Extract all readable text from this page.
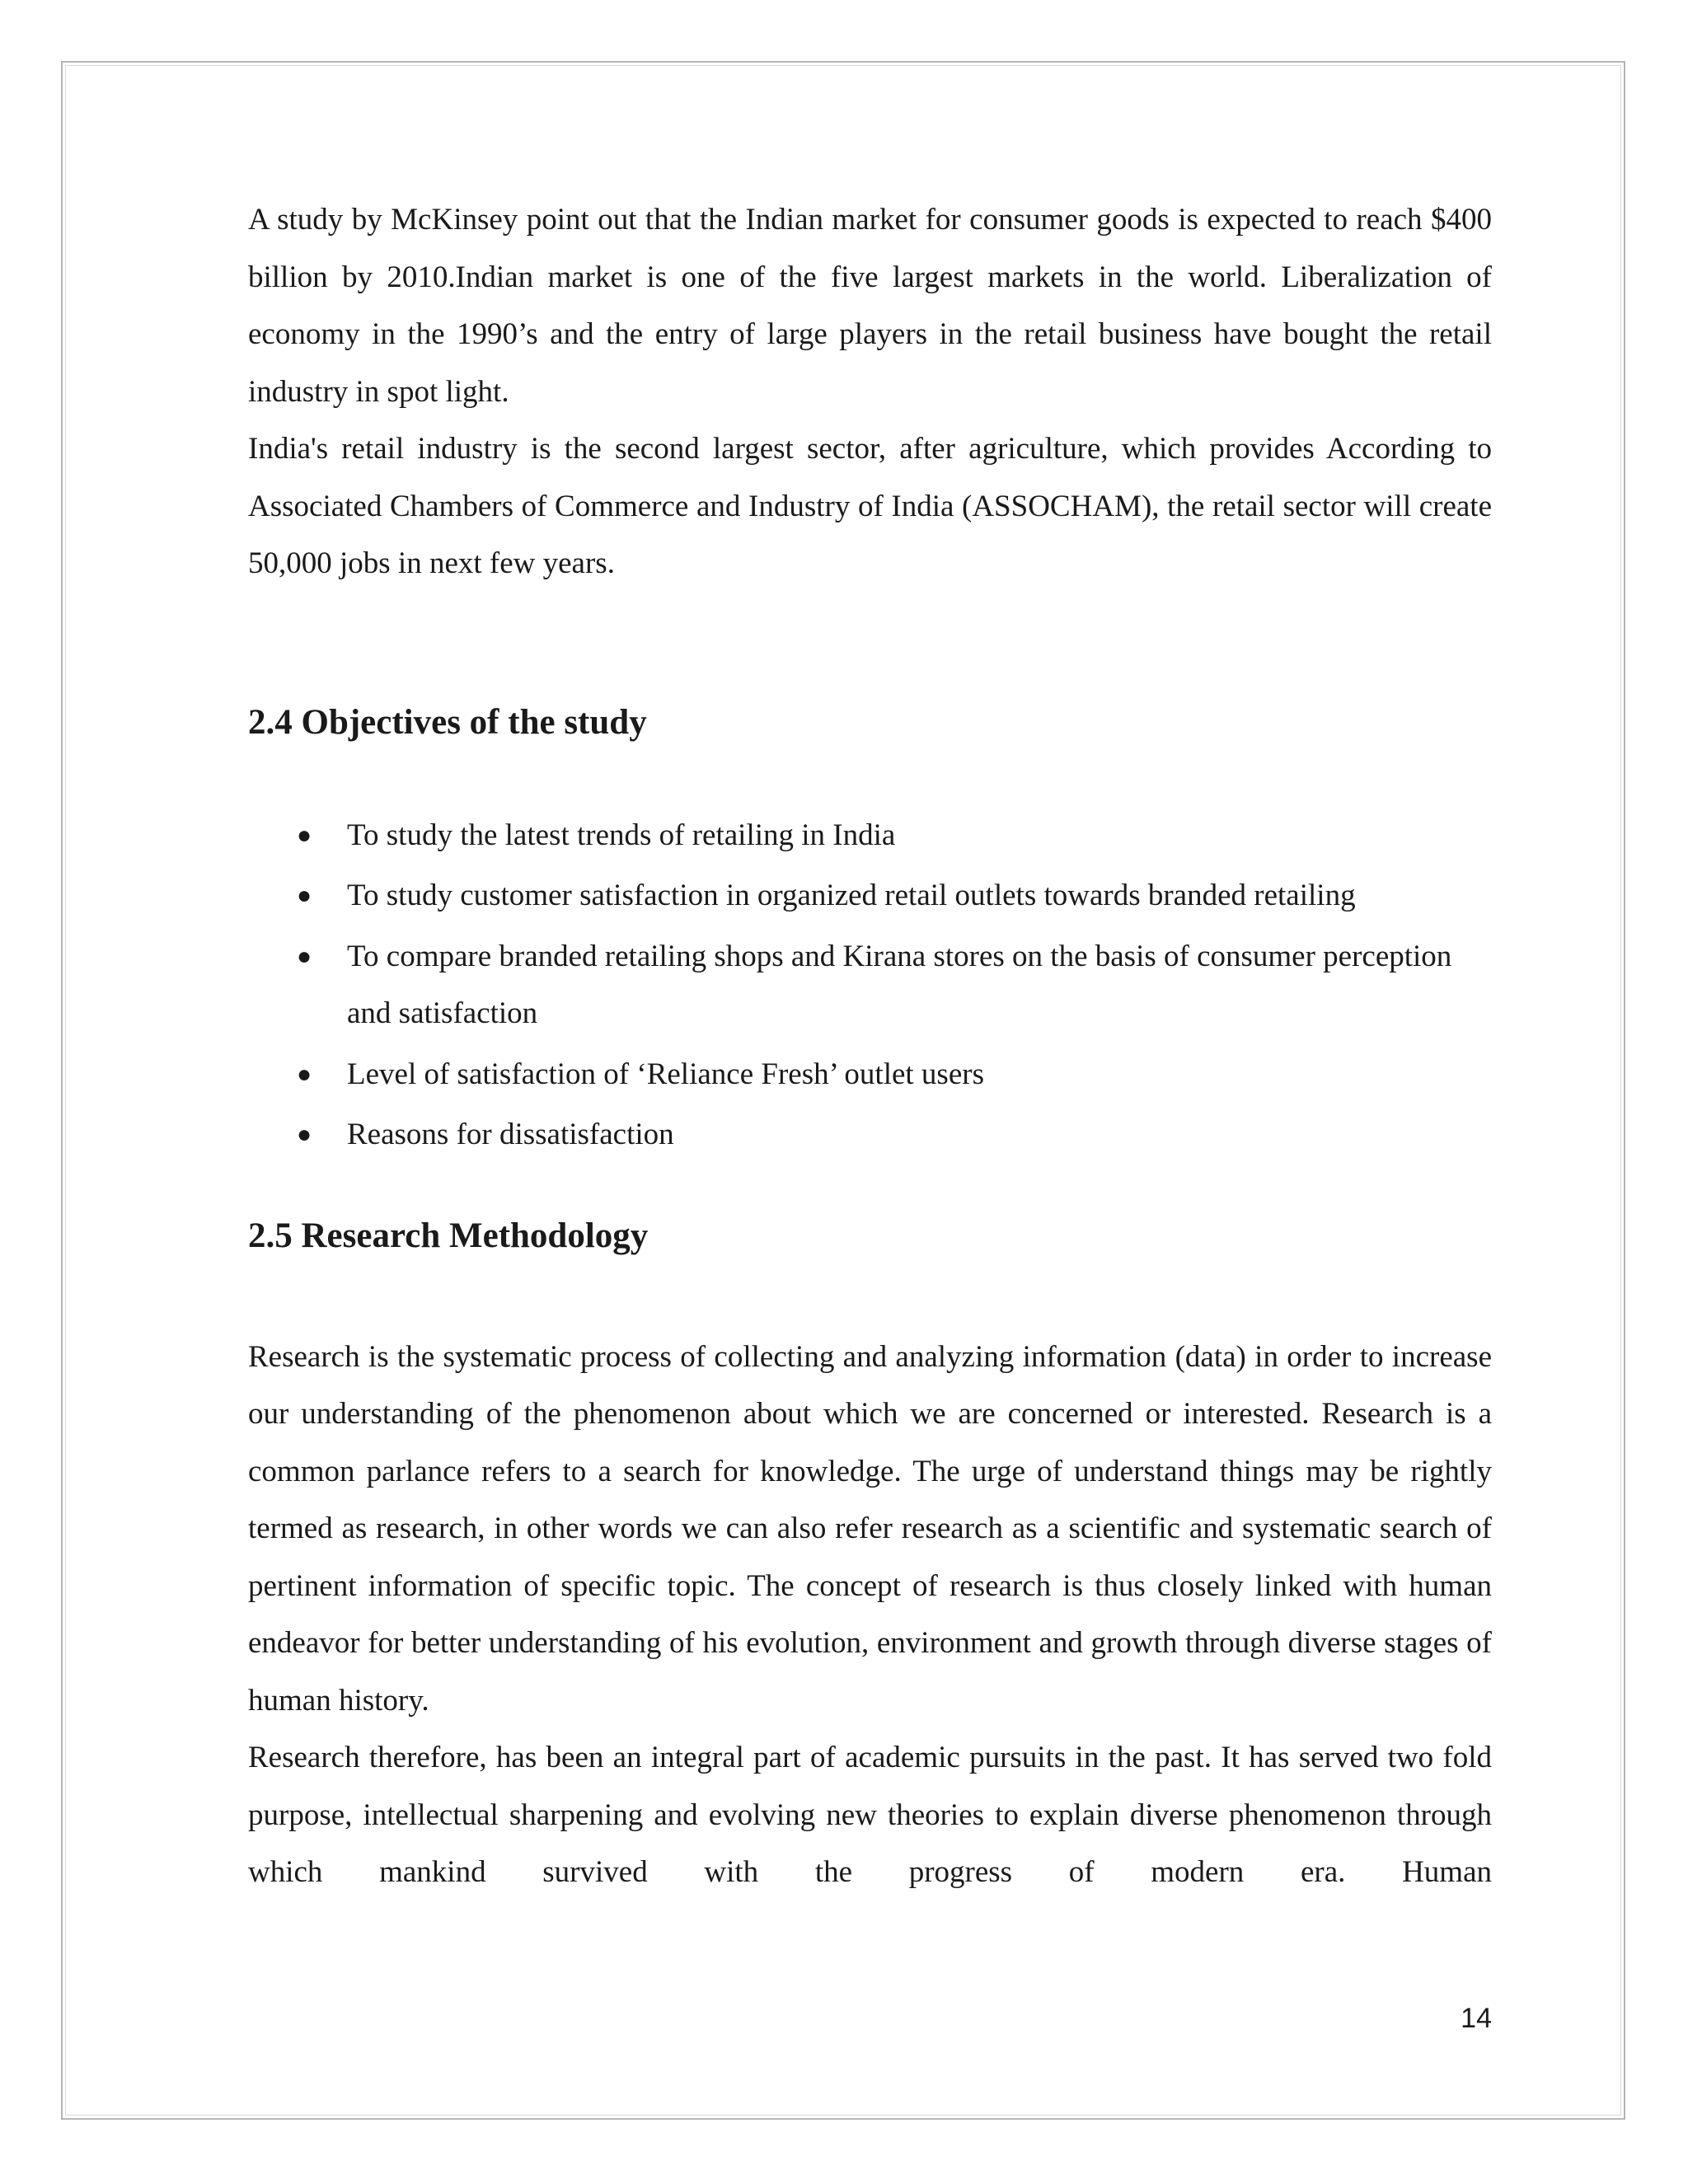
A study by McKinsey point out that the Indian market for consumer goods is expected to reach $400 billion by 2010.Indian market is one of the five largest markets in the world. Liberalization of economy in the 1990’s and the entry of large players in the retail business have bought the retail industry in spot light.

India's retail industry is the second largest sector, after agriculture, which provides According to Associated Chambers of Commerce and Industry of India (ASSOCHAM), the retail sector will create 50,000 jobs in next few years.

2.4 Objectives of the study
● To study the latest trends of retailing in India
● To study customer satisfaction in organized retail outlets towards branded retailing
● To compare branded retailing shops and Kirana stores on the basis of consumer perception and satisfaction
● Level of satisfaction of ‘Reliance Fresh’ outlet users
● Reasons for dissatisfaction
2.5 Research Methodology

Research is the systematic process of collecting and analyzing information (data) in order to increase our understanding of the phenomenon about which we are concerned or interested. Research is a common parlance refers to a search for knowledge. The urge of understand things may be rightly termed as research, in other words we can also refer research as a scientific and systematic search of pertinent information of specific topic. The concept of research is thus closely linked with human endeavor for better understanding of his evolution, environment and growth through diverse stages of human history.

Research therefore, has been an integral part of academic pursuits in the past. It has served two fold purpose, intellectual sharpening and evolving new theories to explain diverse phenomenon through which mankind survived with the progress of modern era. Human

14
